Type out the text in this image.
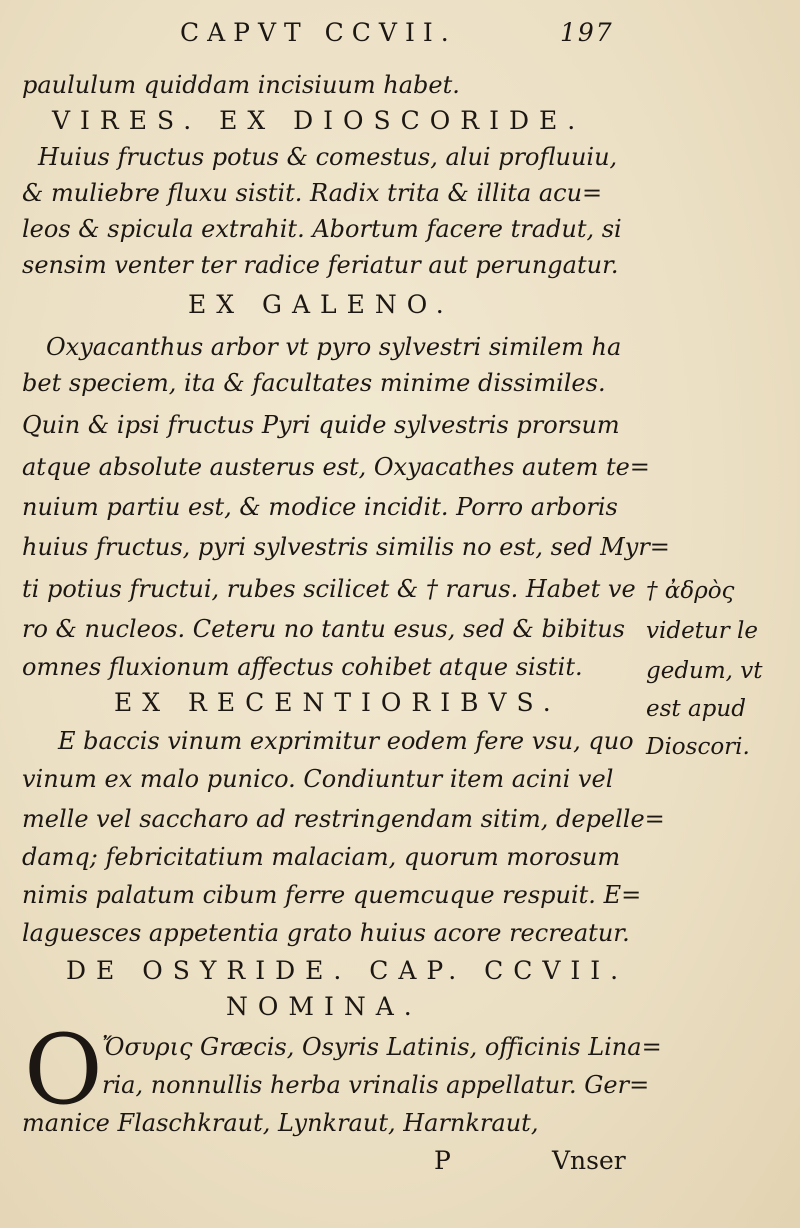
CAPVT CCVII.	197
paululum quiddam incisiuum habet.
VIRES. EX DIOSCORIDE.
Huius fructus potus & comestus, alui profluuiu,
& muliebre fluxu sistit. Radix trita & illita acu=
leos & spicula extrahit. Abortum facere tradut, si
sensim venter ter radice feriatur aut perungatur.
EX GALENO.
Oxyacanthus arbor vt pyro sylvestri similem ha
bet speciem, ita & facultates minime dissimiles.
Quin & ipsi fructus Pyri quide sylvestris prorsum
atque absolute austerus est, Oxyacathes autem te=
nuium partiu est, & modice incidit. Porro arboris
huius fructus, pyri sylvestris similis no est, sed Myr=
ti potius fructui, rubes scilicet & † rarus. Habet ve
ro & nucleos. Ceteru no tantu esus, sed & bibitus
omnes fluxionum affectus cohibet atque sistit.
EX RECENTIORIBVS.
E baccis vinum exprimitur eodem fere vsu, quo
vinum ex malo punico. Condiuntur item acini vel
melle vel saccharo ad restringendam sitim, depelle=
damq; febricitatium malaciam, quorum morosum
nimis palatum cibum ferre quemcuque respuit. E=
laguesces appetentia grato huius acore recreatur.
DE OSYRIDE. CAP. CCVII.
NOMINA.
O Ὄσυρις Græcis, Osyris Latinis, officinis Lina=
ria, nonnullis herba vrinalis appellatur. Ger=
manice Flaschkraut, Lynkraut, Harnkraut,
P	Vnser
† ἀδρὸς
videtur le
gedum, vt
est apud
Dioscori.
